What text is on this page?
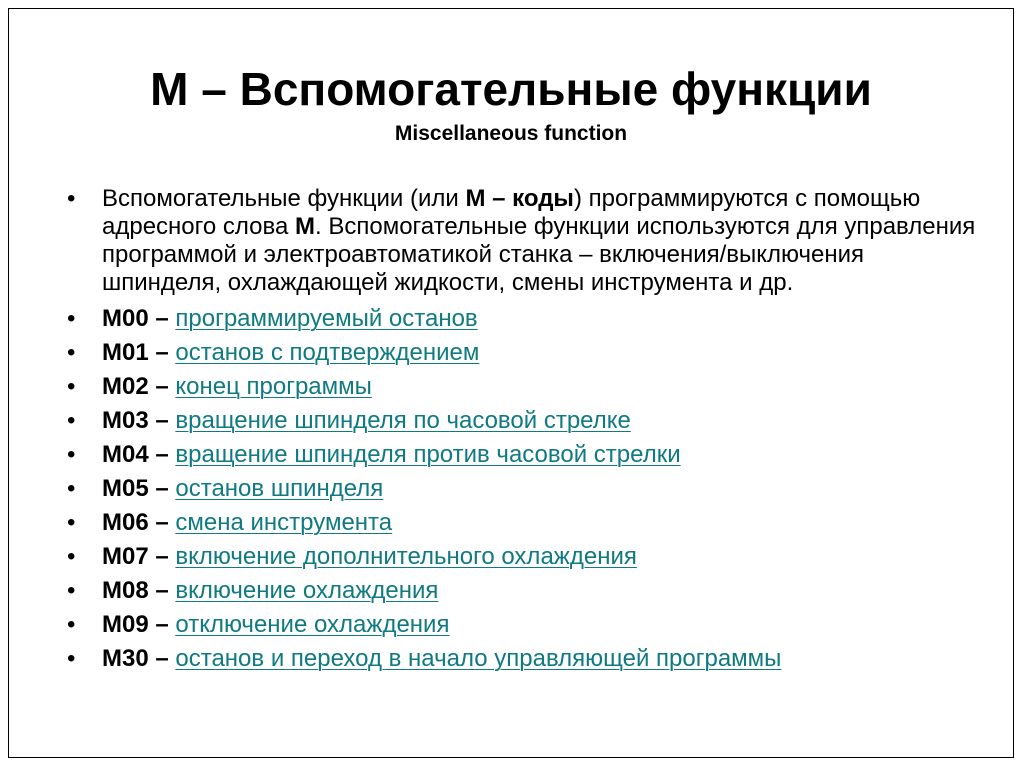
М – Вспомогательные функции
Miscellaneous function
•	Вспомогательные функции (или М – коды) программируются с помощью адресного слова М. Вспомогательные функции используются для управления программой и электроавтоматикой станка – включения/выключения шпинделя, охлаждающей жидкости, смены инструмента и др.
•	M00 – программируемый останов
•	M01 – останов с подтверждением
•	M02 – конец программы
•	M03 – вращение шпинделя по часовой стрелке
•	M04 – вращение шпинделя против часовой стрелки
•	M05 – останов шпинделя
•	M06 – смена инструмента
•	M07 – включение дополнительного охлаждения
•	M08 – включение охлаждения
•	M09 – отключение охлаждения
•	M30 – останов и переход в начало управляющей программы
